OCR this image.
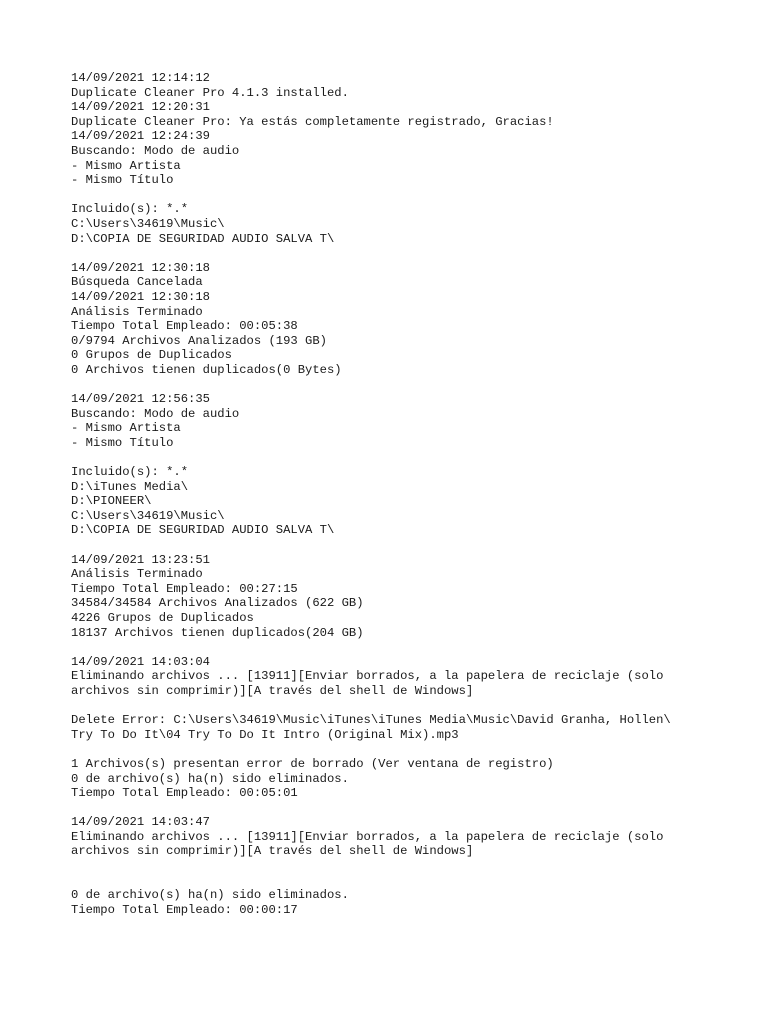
14/09/2021 12:14:12
Duplicate Cleaner Pro 4.1.3 installed.
14/09/2021 12:20:31
Duplicate Cleaner Pro: Ya estás completamente registrado, Gracias!
14/09/2021 12:24:39
Buscando: Modo de audio
- Mismo Artista
- Mismo Título
Incluido(s): *.*
C:\Users\34619\Music\
D:\COPIA DE SEGURIDAD AUDIO SALVA T\
14/09/2021 12:30:18
Búsqueda Cancelada
14/09/2021 12:30:18
Análisis Terminado
Tiempo Total Empleado: 00:05:38
0/9794 Archivos Analizados (193 GB)
0 Grupos de Duplicados
0 Archivos tienen duplicados(0 Bytes)
14/09/2021 12:56:35
Buscando: Modo de audio
- Mismo Artista
- Mismo Título
Incluido(s): *.*
D:\iTunes Media\
D:\PIONEER\
C:\Users\34619\Music\
D:\COPIA DE SEGURIDAD AUDIO SALVA T\
14/09/2021 13:23:51
Análisis Terminado
Tiempo Total Empleado: 00:27:15
34584/34584 Archivos Analizados (622 GB)
4226 Grupos de Duplicados
18137 Archivos tienen duplicados(204 GB)
14/09/2021 14:03:04
Eliminando archivos ... [13911][Enviar borrados, a la papelera de reciclaje (solo
archivos sin comprimir)][A través del shell de Windows]
Delete Error: C:\Users\34619\Music\iTunes\iTunes Media\Music\David Granha, Hollen\
Try To Do It\04 Try To Do It Intro (Original Mix).mp3
1 Archivos(s) presentan error de borrado (Ver ventana de registro)
0 de archivo(s) ha(n) sido eliminados.
Tiempo Total Empleado: 00:05:01
14/09/2021 14:03:47
Eliminando archivos ... [13911][Enviar borrados, a la papelera de reciclaje (solo
archivos sin comprimir)][A través del shell de Windows]
0 de archivo(s) ha(n) sido eliminados.
Tiempo Total Empleado: 00:00:17
